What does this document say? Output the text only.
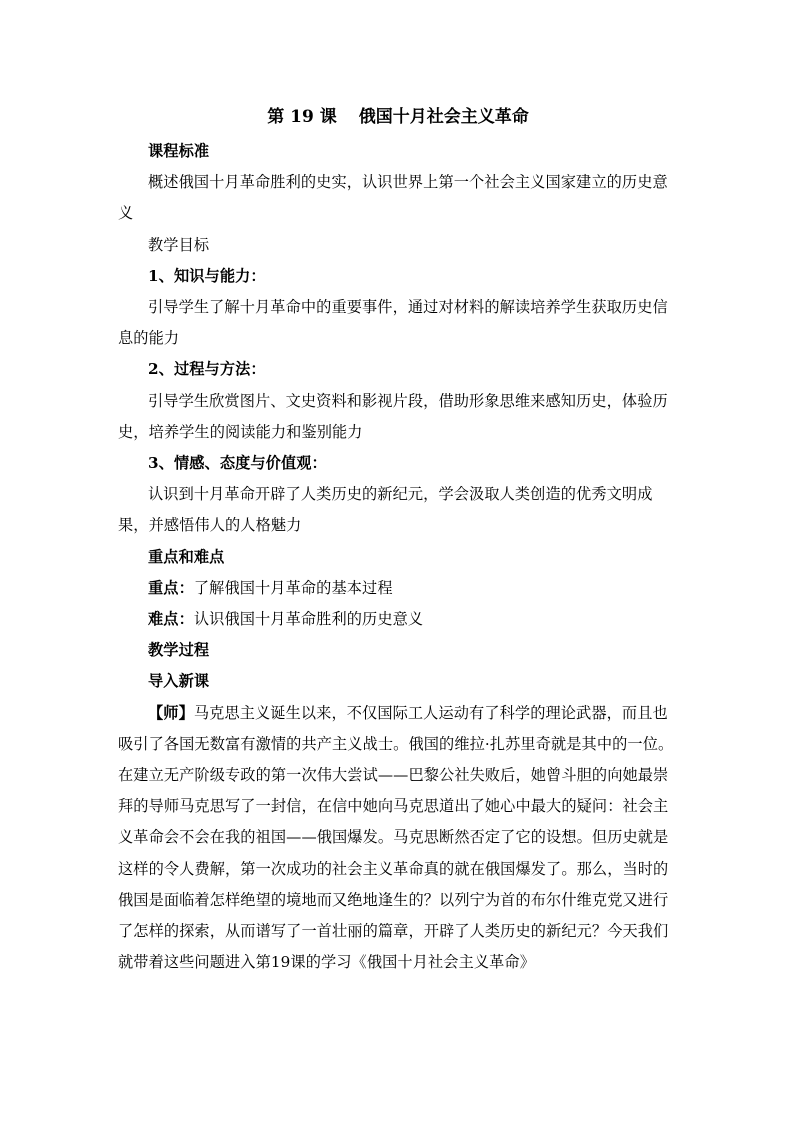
第 19 课 俄国十月社会主义革命

课程标准

概述俄国十月革命胜利的史实，认识世界上第一个社会主义国家建立的历史意义

教学目标

1、知识与能力：

引导学生了解十月革命中的重要事件，通过对材料的解读培养学生获取历史信息的能力

2、过程与方法：

引导学生欣赏图片、文史资料和影视片段，借助形象思维来感知历史，体验历史，培养学生的阅读能力和鉴别能力

3、情感、态度与价值观：

认识到十月革命开辟了人类历史的新纪元，学会汲取人类创造的优秀文明成果，并感悟伟人的人格魅力

重点和难点

重点：了解俄国十月革命的基本过程

难点：认识俄国十月革命胜利的历史意义

教学过程

导入新课

【师】马克思主义诞生以来，不仅国际工人运动有了科学的理论武器，而且也吸引了各国无数富有激情的共产主义战士。俄国的维拉·扎苏里奇就是其中的一位。在建立无产阶级专政的第一次伟大尝试——巴黎公社失败后，她曾斗胆的向她最崇拜的导师马克思写了一封信，在信中她向马克思道出了她心中最大的疑问：社会主义革命会不会在我的祖国——俄国爆发。马克思断然否定了它的设想。但历史就是这样的令人费解，第一次成功的社会主义革命真的就在俄国爆发了。那么，当时的俄国是面临着怎样绝望的境地而又绝地逢生的？以列宁为首的布尔什维克党又进行了怎样的探索，从而谱写了一首壮丽的篇章，开辟了人类历史的新纪元？今天我们就带着这些问题进入第19课的学习《俄国十月社会主义革命》
